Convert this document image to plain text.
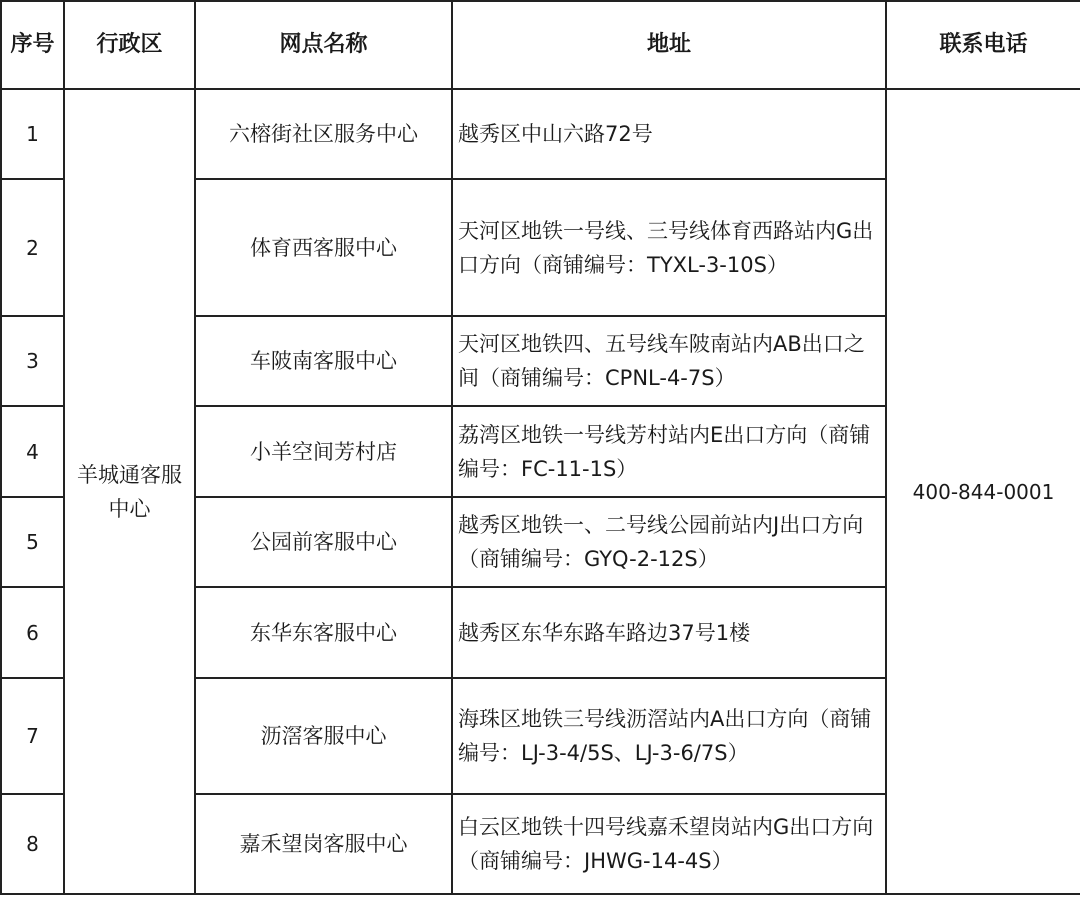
序号	行政区	网点名称	地址	联系电话
1	羊城通客服中心	六榕街社区服务中心	越秀区中山六路72号	400-844-0001
2		体育西客服中心	天河区地铁一号线、三号线体育西路站内G出口方向（商铺编号：TYXL-3-10S）	
3		车陂南客服中心	天河区地铁四、五号线车陂南站内AB出口之间（商铺编号：CPNL-4-7S）	
4		小羊空间芳村店	荔湾区地铁一号线芳村站内E出口方向（商铺编号：FC-11-1S）	
5		公园前客服中心	越秀区地铁一、二号线公园前站内J出口方向（商铺编号：GYQ-2-12S）	
6		东华东客服中心	越秀区东华东路车路边37号1楼	
7		沥滘客服中心	海珠区地铁三号线沥滘站内A出口方向（商铺编号：LJ-3-4/5S、LJ-3-6/7S）	
8		嘉禾望岗客服中心	白云区地铁十四号线嘉禾望岗站内G出口方向（商铺编号：JHWG-14-4S）	
